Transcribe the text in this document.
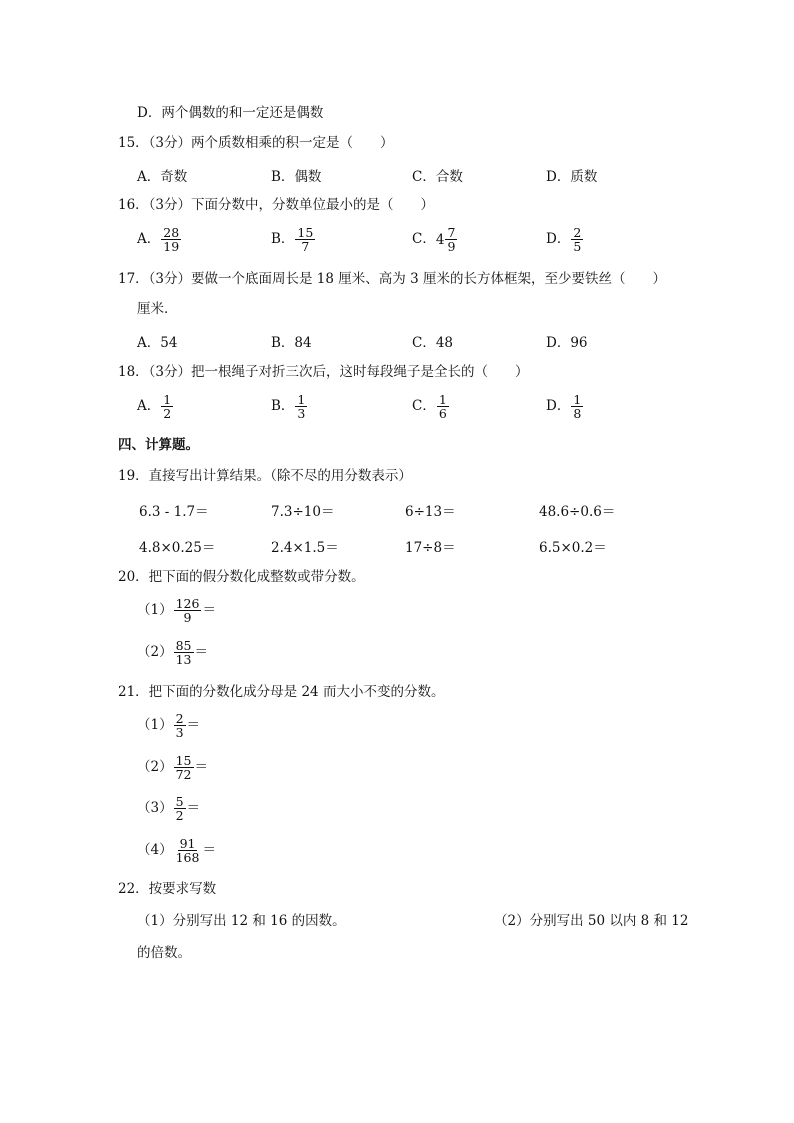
D．两个偶数的和一定还是偶数
15．（3分）两个质数相乘的积一定是（　　）
A．奇数	B．偶数	C．合数	D．质数
16．（3分）下面分数中，分数单位最小的是（　　）
A． $\frac{28}{19}$	B． $\frac{15}{7}$	C． $4 \frac{7}{9}$	D． $\frac{2}{5}$
17．（3分）要做一个底面周长是 18 厘米、高为 3 厘米的长方体框架，至少要铁丝（　　）
厘米．
A．54	B．84	C．48	D．96
18．（3分）把一根绳子对折三次后，这时每段绳子是全长的（　　）
A． $\frac{1}{2}$	B． $\frac{1}{3}$	C． $\frac{1}{6}$	D． $\frac{1}{8}$
四、计算题。
19．直接写出计算结果。（除不尽的用分数表示）
6.3 - 1.7＝	7.3÷10＝	6÷13＝	48.6÷0.6＝
4.8×0.25＝	2.4×1.5＝	17÷8＝	6.5×0.2＝
20．把下面的假分数化成整数或带分数。
$(1) \frac{126}{9}$ ＝
$(2) \frac{85}{13}$ ＝
21．把下面的分数化成分母是 24 而大小不变的分数。
$(1) \frac{2}{3}$ ＝
$(2) \frac{15}{72}$ ＝
$(3) \frac{5}{2}$ ＝
$(4) \frac{91}{168}$ ＝
22．按要求写数
（1）分别写出 12 和 16 的因数。	（2）分别写出 50 以内 8 和 12
的倍数。
